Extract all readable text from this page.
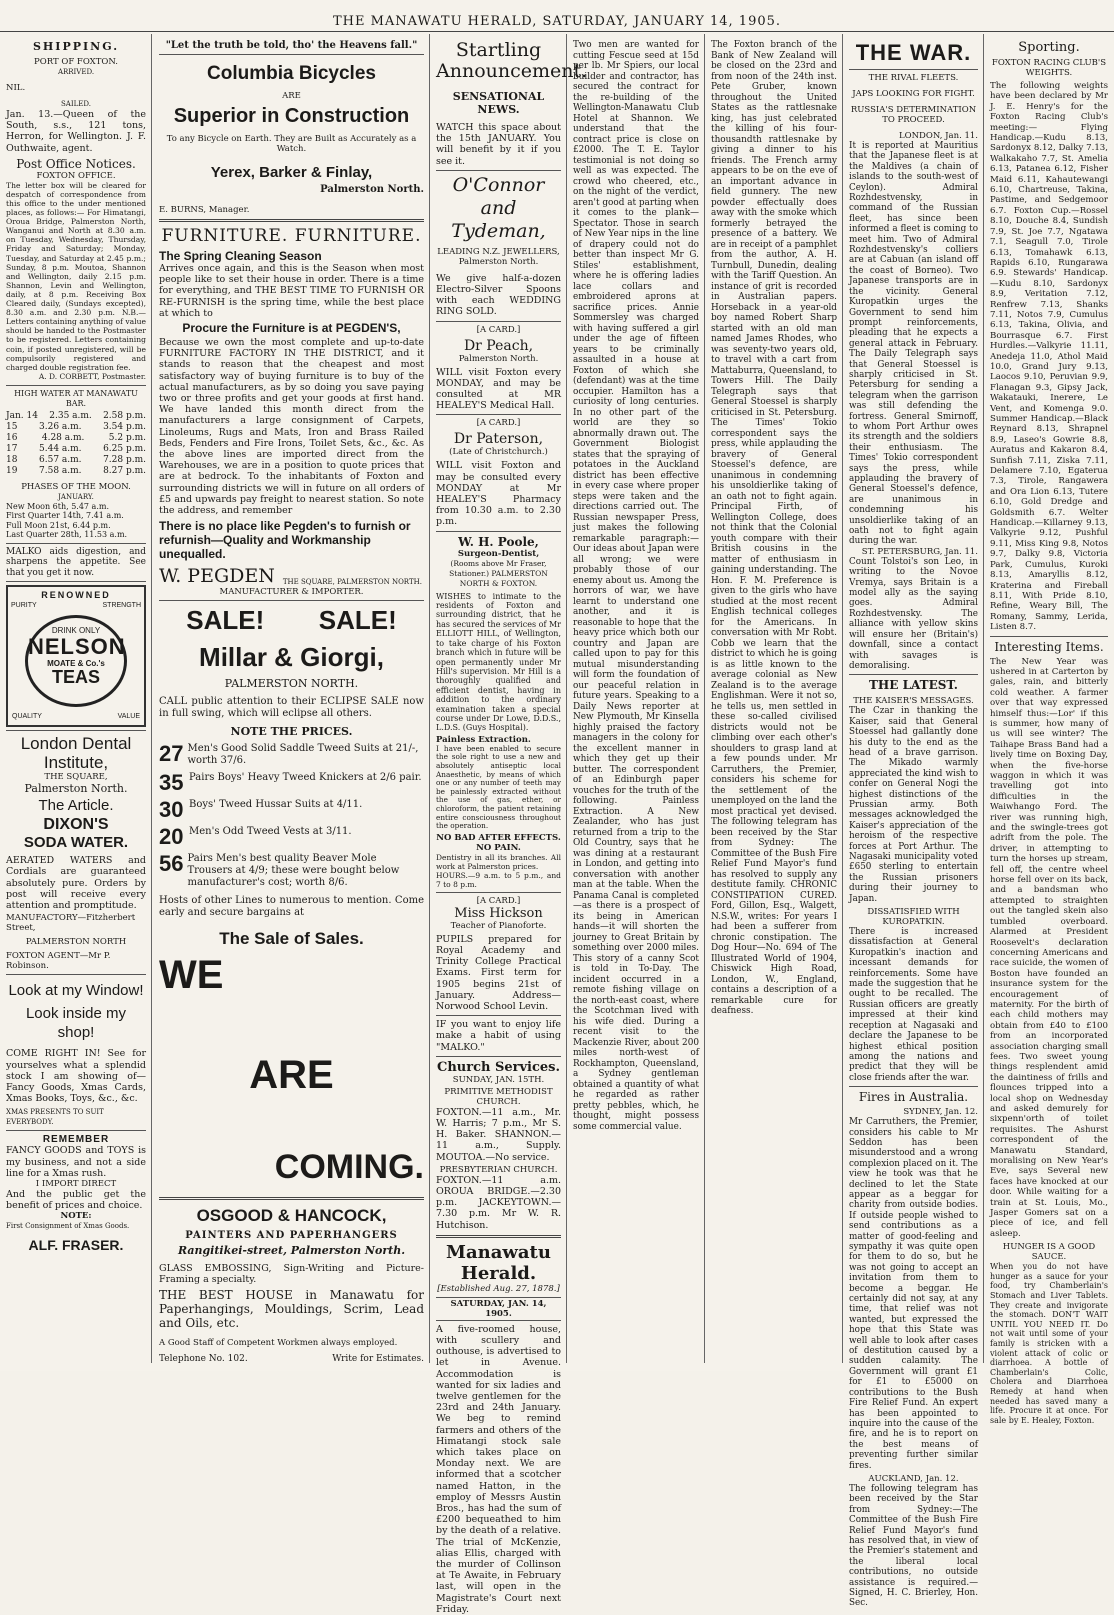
THE MANAWATU HERALD, SATURDAY, JANUARY 14, 1905.
SHIPPING.
PORT OF FOXTON.
ARRIVED.
NIL.
SAILED.

Jan. 13.—Queen of the South, s.s., 121 tons, Herron, for Wellington. J. F. Outhwaite, agent.

Post Office Notices.
FOXTON OFFICE.

The letter box will be cleared for despatch of correspondence from this office to the under mentioned places, as follows:— For Himatangi, Oroua Bridge, Palmerston North, Wanganui and North at 8.30 a.m. on Tuesday, Wednesday, Thursday, Friday and Saturday; Monday, Tuesday, and Saturday at 2.45 p.m.; Sunday, 8 p.m. Moutoa, Shannon and Wellington, daily 2.15 p.m. Shannon, Levin and Wellington, daily, at 8 p.m. Receiving Box Cleared daily, (Sundays excepted), 8.30 a.m. and 2.30 p.m. N.B.—Letters containing anything of value should be handed to the Postmaster to be registered. Letters containing coin, if posted unregistered, will be compulsorily registered and charged double registration fee.

A. D. CORBETT, Postmaster.
HIGH WATER AT MANAWATU BAR.
Jan. 14 2.35 a.m. 2.58 p.m.
15 3.26 a.m. 3.54 p.m.
16	4.28 a.m.	5.2 p.m.
17 5.44 a.m. 6.25 p.m.
18 6.57 a.m. 7.28 p.m.
19 7.58 a.m. 8.27 p.m.
PHASES OF THE MOON.
JANUARY.
New Moon 6th, 5.47 a.m.
First Quarter 14th, 7.41 a.m.
Full Moon 21st, 6.44 p.m.
Last Quarter 28th, 11.53 a.m.

MALKO aids digestion, and sharpens the appetite. See that you get it now.

RENOWNED
PURITY	STRENGTH
DRINK ONLY
NELSON
MOATE & Co.'s
TEAS
QUALITY	VALUE
London Dental Institute,
THE SQUARE,
Palmerston North.
The Article.
DIXON'S
SODA WATER.

AERATED WATERS and Cordials are guaranteed absolutely pure. Orders by post will receive every attention and promptitude.

MANUFACTORY—Fitzherbert Street,
PALMERSTON NORTH
FOXTON AGENT—Mr P. Robinson.
Look at my Window!
Look inside my shop!

COME RIGHT IN! See for yourselves what a splendid stock I am showing of— Fancy Goods, Xmas Cards, Xmas Books, Toys, &c., &c.

XMAS PRESENTS TO SUIT EVERYBODY.
REMEMBER

FANCY GOODS and TOYS is my business, and not a side line for a Xmas rush.

I IMPORT DIRECT

And the public get the benefit of prices and choice.

NOTE:

First Consignment of Xmas Goods.

ALF. FRASER.
"Let the truth be told, tho' the Heavens fall."
Columbia Bicycles
ARE
Superior in Construction
To any Bicycle on Earth. They are Built as Accurately as a Watch.
Yerex, Barker & Finlay,
Palmerston North.
E. BURNS, Manager.
FURNITURE. FURNITURE.
The Spring Cleaning Season

Arrives once again, and this is the Season when most people like to set their house in order. There is a time for everything, and THE BEST TIME TO FURNISH OR RE-FURNISH is the spring time, while the best place at which to

Procure the Furniture is at PEGDEN'S,

Because we own the most complete and up-to-date FURNITURE FACTORY IN THE DISTRICT, and it stands to reason that the cheapest and most satisfactory way of buying furniture is to buy of the actual manufacturers, as by so doing you save paying two or three profits and get your goods at first hand. We have landed this month direct from the manufacturers a large consignment of Carpets, Linoleums, Rugs and Mats, Iron and Brass Railed Beds, Fenders and Fire Irons, Toilet Sets, &c., &c. As the above lines are imported direct from the Warehouses, we are in a position to quote prices that are at bedrock. To the inhabitants of Foxton and surrounding districts we will in future on all orders of £5 and upwards pay freight to nearest station. So note the address, and remember

There is no place like Pegden's to furnish or refurnish—Quality and Workmanship unequalled.
W. PEGDEN THE SQUARE, PALMERSTON NORTH.
MANUFACTURER & IMPORTER.
SALE! SALE!
Millar & Giorgi,
PALMERSTON NORTH.

CALL public attention to their ECLIPSE SALE now in full swing, which will eclipse all others.

NOTE THE PRICES.
27 Men's Good Solid Saddle Tweed Suits at 21/-, worth 37/6.
35 Pairs Boys' Heavy Tweed Knickers at 2/6 pair.
30 Boys' Tweed Hussar Suits at 4/11.
20 Men's Odd Tweed Vests at 3/11.
56 Pairs Men's best quality Beaver Mole Trousers at 4/9; these were bought below manufacturer's cost; worth 8/6.

Hosts of other Lines to numerous to mention. Come early and secure bargains at

The Sale of Sales.
WE
ARE
COMING.
OSGOOD & HANCOCK,
PAINTERS AND PAPERHANGERS
Rangitikei-street, Palmerston North.

GLASS EMBOSSING, Sign-Writing and Picture-Framing a specialty.

THE BEST HOUSE in Manawatu for Paperhangings, Mouldings, Scrim, Lead and Oils, etc.

A Good Staff of Competent Workmen always employed.
Telephone No. 102.	Write for Estimates.
Startling Announcement.
SENSATIONAL NEWS.

WATCH this space about the 15th JANUARY. You will benefit by it if you see it.

O'Connor and Tydeman,
LEADING N.Z. JEWELLERS,
Palmerston North.

We give half-a-dozen Electro-Silver Spoons with each WEDDING RING SOLD.

[A CARD.]
Dr Peach,
Palmerston North.

WILL visit Foxton every MONDAY, and may be consulted at MR HEALEY'S Medical Hall.

[A CARD.]
Dr Paterson,
(Late of Christchurch.)

WILL visit Foxton and may be consulted every MONDAY at Mr HEALEY'S Pharmacy from 10.30 a.m. to 2.30 p.m.

W. H. Poole,
Surgeon-Dentist,
(Rooms above Mr Fraser, Stationer.) PALMERSTON NORTH & FOXTON.

WISHES to intimate to the residents of Foxton and surrounding district, that he has secured the services of Mr ELLIOTT HILL, of Wellington, to take charge of his Foxton branch which in future will be open permanently under Mr Hill's supervision. Mr Hill is a thoroughly qualified and efficient dentist, having in addition to the ordinary examination taken a special course under Dr Lowe, D.D.S., L.D.S. (Guys Hospital).

Painless Extraction.

I have been enabled to secure the sole right to use a new and absolutely antiseptic local Anaesthetic, by means of which one or any number of teeth may be painlessly extracted without the use of gas, ether, or chloroform, the patient retaining entire consciousness throughout the operation.

NO BAD AFTER EFFECTS. NO PAIN.

Dentistry in all its branches. All work at Palmerston prices.

HOURS.—9 a.m. to 5 p.m., and 7 to 8 p.m.

[A CARD.]
Miss Hickson
Teacher of Pianoforte.

PUPILS prepared for Royal Academy and Trinity College Practical Exams. First term for 1905 begins 21st of January. Address—Norwood School Levin.

IF you want to enjoy life make a habit of using "MALKO."

Church Services.
SUNDAY, JAN. 15TH.
PRIMITIVE METHODIST CHURCH.

FOXTON.—11 a.m., Mr. W. Harris; 7 p.m., Mr S. H. Baker. SHANNON.—11 a.m., Supply. MOUTOA.—No service.

PRESBYTERIAN CHURCH.

FOXTON.—11 a.m. OROUA BRIDGE.—2.30 p.m. JACKEYTOWN.—7.30 p.m. Mr W. R. Hutchison.

Manawatu Herald.
[Established Aug. 27, 1878.]
SATURDAY, JAN. 14, 1905.

A five-roomed house, with scullery and outhouse, is advertised to let in Avenue. Accommodation is wanted for six ladies and twelve gentlemen for the 23rd and 24th January. We beg to remind farmers and others of the Himatangi stock sale which takes place on Monday next. We are informed that a scotcher named Hatton, in the employ of Messrs Austin Bros., has had the sum of £200 bequeathed to him by the death of a relative. The trial of McKenzie, alias Ellis, charged with the murder of Collinson at Te Awaite, in February last, will open in the Magistrate's Court next Friday.

Two men are wanted for cutting Fescue seed at 15d per lb. Mr Spiers, our local builder and contractor, has secured the contract for the re-building of the Wellington-Manawatu Club Hotel at Shannon. We understand that the contract price is close on £2000. The T. E. Taylor testimonial is not doing so well as was expected. The crowd who cheered, etc., on the night of the verdict, aren't good at parting when it comes to the plank—Spectator. Those in search of New Year nips in the line of drapery could not do better than inspect Mr G. Stiles' establishment, where he is offering ladies lace collars and embroidered aprons at sacrifice prices. Annie Sommersley was charged with having suffered a girl under the age of fifteen years to be criminally assaulted in a house at Foxton of which she (defendant) was at the time occupier. Hamilton has a curiosity of long centuries. In no other part of the world are they so abnormally drawn out. The Government Biologist states that the spraying of potatoes in the Auckland district has been effective in every case where proper steps were taken and the directions carried out. The Russian newspaper Press, just makes the following remarkable paragraph:—Our ideas about Japan were all wrong; we were probably those of our enemy about us. Among the horrors of war, we have learnt to understand one another, and it is reasonable to hope that the heavy price which both our country and Japan are called upon to pay for this mutual misunderstanding will form the foundation of our peaceful relation in future years. Speaking to a Daily News reporter at New Plymouth, Mr Kinsella highly praised the factory managers in the colony for the excellent manner in which they get up their butter. The correspondent of an Edinburgh paper vouches for the truth of the following. Painless Extraction. A New Zealander, who has just returned from a trip to the Old Country, says that he was dining at a restaurant in London, and getting into conversation with another man at the table. When the Panama Canal is completed—as there is a prospect of its being in American hands—it will shorten the journey to Great Britain by something over 2000 miles. This story of a canny Scot is told in To-Day. The incident occurred in a remote fishing village on the north-east coast, where the Scotchman lived with his wife died. During a recent visit to the Mackenzie River, about 200 miles north-west of Rockhampton, Queensland, a Sydney gentleman obtained a quantity of what he regarded as rather pretty pebbles, which, he thought, might possess some commercial value.

The Foxton branch of the Bank of New Zealand will be closed on the 23rd and from noon of the 24th inst. Pete Gruber, known throughout the United States as the rattlesnake king, has just celebrated the killing of his four-thousandth rattlesnake by giving a dinner to his friends. The French army appears to be on the eve of an important advance in field gunnery. The new powder effectually does away with the smoke which formerly betrayed the presence of a battery. We are in receipt of a pamphlet from the author, A. H. Turnbull, Dunedin, dealing with the Tariff Question. An instance of grit is recorded in Australian papers. Horseback in a year-old boy named Robert Sharp started with an old man named James Rhodes, who was seventy-two years old, to travel with a cart from Mattaburra, Queensland, to Towers Hill. The Daily Telegraph says that General Stoessel is sharply criticised in St. Petersburg. The Times' Tokio correspondent says the press, while applauding the bravery of General Stoessel's defence, are unanimous in condemning his unsoldierlike taking of an oath not to fight again. Principal Firth, of Wellington College, does not think that the Colonial youth compare with their British cousins in the matter of enthusiasm in gaining understanding. The Hon. F. M. Preference is given to the girls who have studied at the most recent English technical colleges for the Americans. In conversation with Mr Robt. Cobb we learn that the district to which he is going is as little known to the average colonial as New Zealand is to the average Englishman. Were it not so, he tells us, men settled in these so-called civilised districts would not be climbing over each other's shoulders to grasp land at a few pounds under. Mr Carruthers, the Premier, considers his scheme for the settlement of the unemployed on the land the most practical yet devised. The following telegram has been received by the Star from Sydney: The Committee of the Bush Fire Relief Fund Mayor's fund has resolved to supply any destitute family. CHRONIC CONSTIPATION CURED. Ford, Gillon, Esq., Walgett, N.S.W., writes: For years I had been a sufferer from chronic constipation. The Dog Hour—No. 694 of The Illustrated World of 1904, Chiswick High Road, London, W., England, contains a description of a remarkable cure for deafness.

THE WAR.
THE RIVAL FLEETS.
JAPS LOOKING FOR FIGHT.
RUSSIA'S DETERMINATION TO PROCEED.
LONDON, Jan. 11.

It is reported at Mauritius that the Japanese fleet is at the Maldives (a chain of islands to the south-west of Ceylon). Admiral Rozhdestvensky, in command of the Russian fleet, has since been informed a fleet is coming to meet him. Two of Admiral Rozhdestvensky's colliers are at Cabuan (an island off the coast of Borneo). Two Japanese transports are in the vicinity. General Kuropatkin urges the Government to send him prompt reinforcements, pleading that he expects a general attack in February. The Daily Telegraph says that General Stoessel is sharply criticised in St. Petersburg for sending a telegram when the garrison was still defending the fortress. General Smirnoff, to whom Port Arthur owes its strength and the soldiers their enthusiasm. The Times' Tokio correspondent says the press, while applauding the bravery of General Stoessel's defence, are unanimous in condemning his unsoldierlike taking of an oath not to fight again during the war.

ST. PETERSBURG, Jan. 11.

Count Tolstoi's son Leo, in writing to the Novoe Vremya, says Britain is a model ally as the saying goes. Admiral Rozhdestvensky. The alliance with yellow skins will ensure her (Britain's) downfall, since a contact with savages is demoralising.

THE LATEST.
THE KAISER'S MESSAGES.

The Czar in thanking the Kaiser, said that General Stoessel had gallantly done his duty to the end as the head of a brave garrison. The Mikado warmly appreciated the kind wish to confer on General Nogi the highest distinctions of the Prussian army. Both messages acknowledged the Kaiser's appreciation of the heroism of the respective forces at Port Arthur. The Nagasaki municipality voted £650 sterling to entertain the Russian prisoners during their journey to Japan.

DISSATISFIED WITH KUROPATKIN.

There is increased dissatisfaction at General Kuropatkin's inaction and incessant demands for reinforcements. Some have made the suggestion that he ought to be recalled. The Russian officers are greatly impressed at their kind reception at Nagasaki and declare the Japanese to be highest ethical position among the nations and predict that they will be close friends after the war.

Fires in Australia.
SYDNEY, Jan. 12.

Mr Carruthers, the Premier, considers his cable to Mr Seddon has been misunderstood and a wrong complexion placed on it. The view he took was that he declined to let the State appear as a beggar for charity from outside bodies. If outside people wished to send contributions as a matter of good-feeling and sympathy it was quite open for them to do so, but he was not going to accept an invitation from them to become a beggar. He certainly did not say, at any time, that relief was not wanted, but expressed the hope that this State was well able to look after cases of destitution caused by a sudden calamity. The Government will grant £1 for £1 to £5000 on contributions to the Bush Fire Relief Fund. An expert has been appointed to inquire into the cause of the fire, and he is to report on the best means of preventing further similar fires.

AUCKLAND, Jan. 12.

The following telegram has been received by the Star from Sydney:—The Committee of the Bush Fire Relief Fund Mayor's fund has resolved that, in view of the Premier's statement and the liberal local contributions, no outside assistance is required.—Signed, H. C. Brierley, Hon. Sec.

Sporting.
FOXTON RACING CLUB'S WEIGHTS.

The following weights have been declared by Mr J. E. Henry's for the Foxton Racing Club's meeting:— Flying Handicap.—Kudu 8.13, Sardonyx 8.12, Dalky 7.13, Walkakaho 7.7, St. Amelia 6.13, Patanea 6.12, Fisher Maid 6.11, Kahautewangi 6.10, Chartreuse, Takina, Pastime, and Sedgemoor 6.7. Foxton Cup.—Rossel 8.10, Douche 8.4, Sundish 7.9, St. Joe 7.7, Ngatawa 7.1, Seagull 7.0, Tirole 6.13, Tomahawk 6.13, Rapids 6.10, Rungarawa 6.9. Stewards' Handicap.—Kudu 8.10, Sardonyx 8.9, Veritation 7.12, Renfrew 7.13, Shanks 7.11, Notos 7.9, Cumulus 6.13, Takina, Olivia, and Bourrasque 6.7. First Hurdles.—Valkyrie 11.11, Anedeja 11.0, Athol Maid 10.0, Grand Jury 9.13, Laocos 9.10, Peruvian 9.9, Flanagan 9.3, Gipsy Jack, Wakatauki, Inerere, Le Vent, and Komenga 9.0. Summer Handicap.—Black Reynard 8.13, Shrapnel 8.9, Laseo's Gowrie 8.8, Auratus and Kakaron 8.4, Sunfish 7.11, Ziska 7.11, Delamere 7.10, Egaterua 7.3, Tirole, Rangawera and Ora Lion 6.13, Tutere 6.10, Gold Dredge and Goldsmith 6.7. Welter Handicap.—Killarney 9.13, Valkyrie 9.12, Pushful 9.11, Miss King 9.8, Notos 9.7, Dalky 9.8, Victoria Park, Cumulus, Kuroki 8.13, Amaryllis 8.12, Kraterina and Fireball 8.11, With Pride 8.10, Refine, Weary Bill, The Romany, Sammy, Lerida, Listen 8.7.

Interesting Items.

The New Year was ushered in at Carterton by gales, rain, and bitterly cold weather. A farmer over that way expressed himself thus:—Lor' if this is summer, how many of us will see winter? The Taihape Brass Band had a lively time on Boxing Day, when the five-horse waggon in which it was travelling got into difficulties in the Waiwhango Ford. The river was running high, and the swingle-trees got adrift from the pole. The driver, in attempting to turn the horses up stream, fell off, the centre wheel horse fell over on its back, and a bandsman who attempted to straighten out the tangled skein also tumbled overboard. Alarmed at President Roosevelt's declaration concerning Americans and race suicide, the women of Boston have founded an insurance system for the encouragement of maternity. For the birth of each child mothers may obtain from £40 to £100 from an incorporated association charging small fees. Two sweet young things resplendent amid the daintiness of frills and flounces tripped into a local shop on Wednesday and asked demurely for sixpenn'orth of toilet requisites. The Ashurst correspondent of the Manawatu Standard, moralising on New Year's Eve, says Several new faces have knocked at our door. While waiting for a train at St. Louis, Mo., Jasper Gomers sat on a piece of ice, and fell asleep.

HUNGER IS A GOOD SAUCE.

When you do not have hunger as a sauce for your food, try Chamberlain's Stomach and Liver Tablets. They create and invigorate the stomach. DON'T WAIT UNTIL YOU NEED IT. Do not wait until some of your family is stricken with a violent attack of colic or diarrhoea. A bottle of Chamberlain's Colic, Cholera and Diarrhoea Remedy at hand when needed has saved many a life. Procure it at once. For sale by E. Healey, Foxton.
